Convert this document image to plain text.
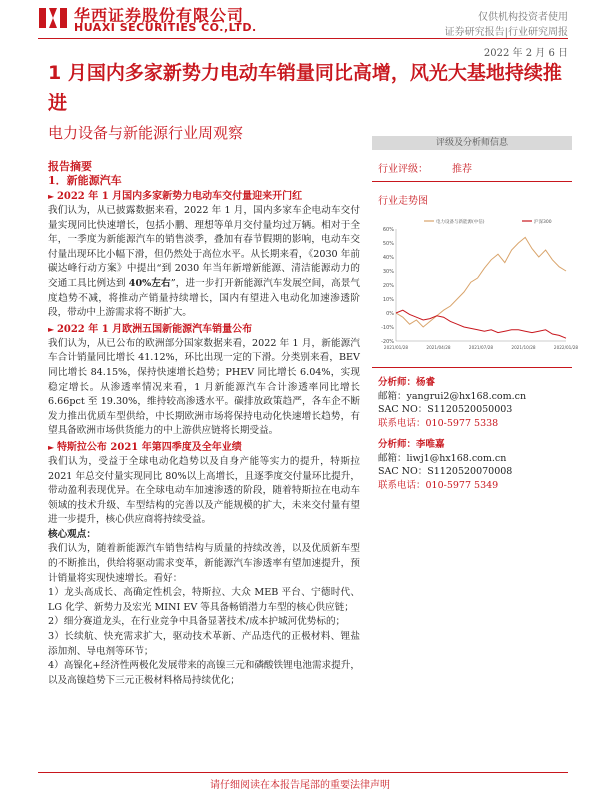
华西证券股份有限公司
HUAXI SECURITIES CO.,LTD.
仅供机构投资者使用
证券研究报告|行业研究周报
2022 年 2 月 6 日
1 月国内多家新势力电动车销量同比高增，风光大基地持续推进
电力设备与新能源行业周观察
报告摘要
1．新能源汽车
► 2022 年 1 月国内多家新势力电动车交付量迎来开门红

我们认为，从已披露数据来看，2022 年 1 月，国内多家车企电动车交付量实现同比快速增长，包括小鹏、理想等单月交付量均过万辆。相对于全年，一季度为新能源汽车的销售淡季，叠加有春节假期的影响，电动车交付量出现环比小幅下滑，但仍然处于高位水平。从长期来看，《2030 年前碳达峰行动方案》中提出“到 2030 年当年新增新能源、清洁能源动力的交通工具比例达到 40%左右”，进一步打开新能源汽车发展空间，高景气度趋势不减，将推动产销量持续增长，国内有望进入电动化加速渗透阶段，带动中上游需求将不断扩大。

► 2022 年 1 月欧洲五国新能源汽车销量公布

我们认为，从已公布的欧洲部分国家数据来看，2022 年 1 月，新能源汽车合计销量同比增长 41.12%，环比出现一定的下滑。分类别来看，BEV 同比增长 84.15%，保持快速增长趋势；PHEV 同比增长 6.04%，实现稳定增长。从渗透率情况来看，1 月新能源汽车合计渗透率同比增长 6.66pct 至 19.30%，维持较高渗透水平。碳排放政策趋严，各车企不断发力推出优质车型供给，中长期欧洲市场将保持电动化快速增长趋势，有望具备欧洲市场供货能力的中上游供应链将长期受益。

► 特斯拉公布 2021 年第四季度及全年业绩

我们认为，受益于全球电动化趋势以及自身产能等实力的提升，特斯拉 2021 年总交付量实现同比 80%以上高增长，且逐季度交付量环比提升，带动盈利表现优异。在全球电动车加速渗透的阶段，随着特斯拉在电动车领域的技术升级、车型结构的完善以及产能规模的扩大，未来交付量有望进一步提升，核心供应商将持续受益。

核心观点：

我们认为，随着新能源汽车销售结构与质量的持续改善，以及优质新车型的不断推出，供给将驱动需求变革，新能源汽车渗透率有望加速提升，预计销量将实现快速增长。看好：

1）龙头高成长、高确定性机会，特斯拉、大众 MEB 平台、宁德时代、LG 化学、新势力及宏光 MINI EV 等具备畅销潜力车型的核心供应链；

2）细分赛道龙头，在行业竞争中具备显著技术/成本护城河优势标的；

3）长续航、快充需求扩大，驱动技术革新、产品迭代的正极材料、锂盐添加剂、导电剂等环节；

4）高镍化+经济性两极化发展带来的高镍三元和磷酸铁锂电池需求提升，以及高镍趋势下三元正极材料格局持续优化；

评级及分析师信息
行业评级： 推荐
行业走势图
60%
50%
40%
30%
20%
10%
0%
-10%
-20%
2021/01/28	2021/04/28	2021/07/28	2021/10/28	2022/01/28
电力设备与新能源(中信)	沪深300
分析师：杨睿
邮箱：yangrui2@hx168.com.cn
SAC NO：S1120520050003
联系电话：010-5977 5338
分析师：李唯嘉
邮箱：liwj1@hx168.com.cn
SAC NO：S1120520070008
联系电话：010-5977 5349
请仔细阅读在本报告尾部的重要法律声明
